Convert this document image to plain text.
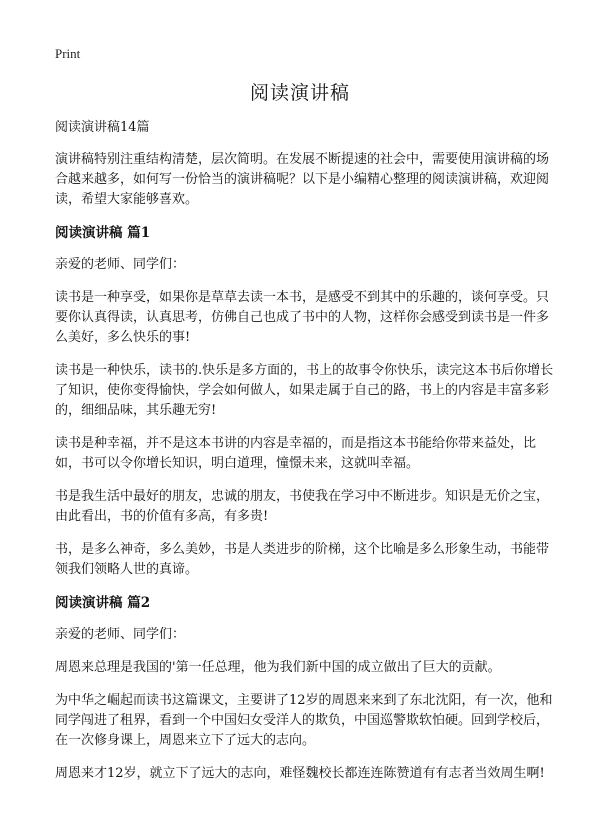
Print
阅读演讲稿

阅读演讲稿14篇

演讲稿特别注重结构清楚，层次简明。在发展不断提速的社会中，需要使用演讲稿的场合越来越多，如何写一份恰当的演讲稿呢？以下是小编精心整理的阅读演讲稿，欢迎阅读，希望大家能够喜欢。

阅读演讲稿 篇1

亲爱的老师、同学们：

读书是一种享受，如果你是草草去读一本书，是感受不到其中的乐趣的，谈何享受。只要你认真得读，认真思考，仿佛自己也成了书中的人物，这样你会感受到读书是一件多么美好，多么快乐的事!

读书是一种快乐，读书的.快乐是多方面的，书上的故事令你快乐，读完这本书后你增长了知识，使你变得愉快，学会如何做人，如果走属于自己的路，书上的内容是丰富多彩的，细细品味，其乐趣无穷!

读书是种幸福，并不是这本书讲的内容是幸福的，而是指这本书能给你带来益处，比如，书可以令你增长知识，明白道理，憧憬未来，这就叫幸福。

书是我生活中最好的朋友，忠诚的朋友，书使我在学习中不断进步。知识是无价之宝，由此看出，书的价值有多高，有多贵!

书，是多么神奇，多么美妙，书是人类进步的阶梯，这个比喻是多么形象生动，书能带领我们领略人世的真谛。

阅读演讲稿 篇2

亲爱的老师、同学们：

周恩来总理是我国的'第一任总理，他为我们新中国的成立做出了巨大的贡献。

为中华之崛起而读书这篇课文，主要讲了12岁的周恩来来到了东北沈阳，有一次，他和同学闯进了租界，看到一个中国妇女受洋人的欺负，中国巡警欺软怕硬。回到学校后，在一次修身课上，周恩来立下了远大的志向。

周恩来才12岁，就立下了远大的志向，难怪魏校长都连连陈赞道有有志者当效周生啊!
